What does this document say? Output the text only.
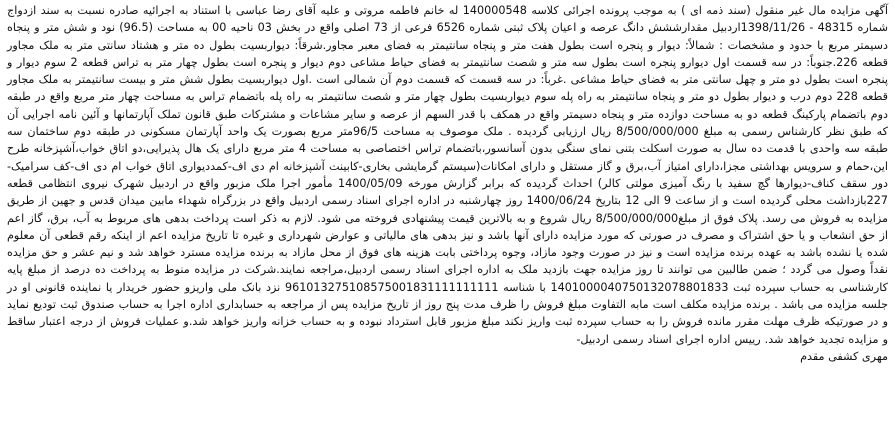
آگهی مزایده مال غیر منقول (سند ذمه ای ) به موجب پرونده اجرائی کلاسه 140000548 له خانم فاطمه مروتی و علیه آقای رضا عباسی با استناد به اجرائیه صادره نسبت به سند ازدواج شماره 48315 - 1398/11/26اردبیل مقدارششش دانگ عرصه و اعیان پلاک ثبتی شماره 6526 فرعی از 73 اصلی واقع در بخش 03 ناحیه 00 به مساحت (96.5) نود و شش متر و پنجاه دسیمتر مربع با حدود و مشخصات : شمالاً: دیوار و پنجره است بطول هفت متر و پنجاه سانتیمتر به فضای معبر مجاور.شرقاً: دیواربسیت بطول ده متر و هشتاد سانتی متر به ملک مجاور قطعه 226.جنوباً: در سه قسمت اول دیوارو پنجره است بطول سه متر و شصت سانتیمتر به فضای حیاط مشاعی دوم دیوار و پنجره است بطول چهار متر به تراس قطعه 2 سوم دیوار و پنجره است بطول دو متر و چهل سانتی متر به فضای حیاط مشاعی .غرباً: در سه قسمت که قسمت دوم آن شمالی است .اول دیواربسیت بطول شش متر و بیست سانتیمتر به ملک مجاور قطعه 228 دوم درب و دیوار بطول دو متر و پنجاه سانتیمتر به راه پله سوم دیواربسیت بطول چهار متر و شصت سانتیمتر به راه پله باتضمام تراس به مساحت چهار متر مربع واقع در طبقه دوم باتضمام پارکینگ قطعه دو به مساحت دوازده متر و پنجاه دسیمتر واقع در همکف با قدر السهم از عرصه و سایر مشاعات و مشترکات طبق قانون تملک آپارتمانها و آئین نامه اجرایی آن که طبق نظر کارشناس رسمی به مبلغ 8/500/000/000 ریال ارزیابی گردیده . ملک موصوف به مساحت 96/5متر مربع بصورت یک واحد آپارتمان مسکونی در طبقه دوم ساختمان سه طبقه سه واحدی با قدمت ده سال به صورت اسکلت بتنی نمای سنگی بدون آسانسور،باتضمام تراس اختصاصی به مساحت 4 متر مربع دارای یک هال پذیرایی،دو اتاق خواب،آشپزخانه طرح این،حمام و سرویس بهداشتی مجزا،دارای امتیاز آب،برق و گاز مستقل و دارای امکانات(سیستم گرمایشی بخاری-کابینت آشپزخانه ام دی اف-کمددیواری اتاق خواب ام دی اف-کف سرامیک-دور سقف کناف-دیوارها گچ سفید با رنگ آمیزی مولتی کالر) احداث گردیده که برابر گزارش مورخه 1400/05/09 مأمور اجرا ملک مزبور واقع در اردبیل شهرک نیروی انتظامی قطعه 227بازداشت محلی گردیده است و از ساعت 9 الی 12 بتاریخ 1400/06/24 روز چهارشنبه در اداره اجرای اسناد رسمی اردبیل واقع در بزرگراه شهداء مابین میدان قدس و جهین از طریق مزایده به فروش می رسد. پلاک فوق از مبلغ8/500/000/000 ریال شروع و به بالاترین قیمت پیشنهادی فروخته می شود. لازم به ذکر است پرداخت بدهی های مربوط به آب، برق، گاز اعم از حق انشعاب و یا حق اشتراک و مصرف در صورتی که مورد مزایده دارای آنها باشد و نیز بدهی های مالیاتی و عوارض شهرداری و غیره تا تاریخ مزایده اعم از اینکه رقم قطعی آن معلوم شده یا نشده باشد به عهده برنده مزایده است و نیز در صورت وجود مازاد، وجوه پرداختی بابت هزینه های فوق از محل مازاد به برنده مزایده مسترد خواهد شد و نیم عشر و حق مزایده نقداً وصول می گردد ؛ ضمن طالبین می توانند تا روز مزایده جهت بازدید ملک به اداره اجرای اسناد رسمی اردبیل،مراجعه نمایند.شرکت در مزایده منوط به پرداخت ده درصد از مبلغ پایه کارشناسی به حساب سپرده ثبت 1401000040750132078801833 با شناسه 961013275108575001831111111111 نزد بانک ملی واریزو حضور خریدار یا نماینده قانونی او در جلسه مزایده می باشد . برنده مزایده مکلف است مابه التفاوت مبلغ فروش را ظرف مدت پنج روز از تاریخ مزایده پس از مراجعه به حسابداری اداره اجرا به حساب صندوق ثبت تودیع نماید و در صورتیکه ظرف مهلت مقرر مانده فروش را به حساب سپرده ثبت واریز نکند مبلغ مزبور قابل استرداد نبوده و به حساب خزانه واریز خواهد شد.و عملیات فروش از درجه اعتبار ساقط و مزایده تجدید خواهد شد. رییس اداره اجرای اسناد رسمی اردبیل-

مهری کشفی مقدم
